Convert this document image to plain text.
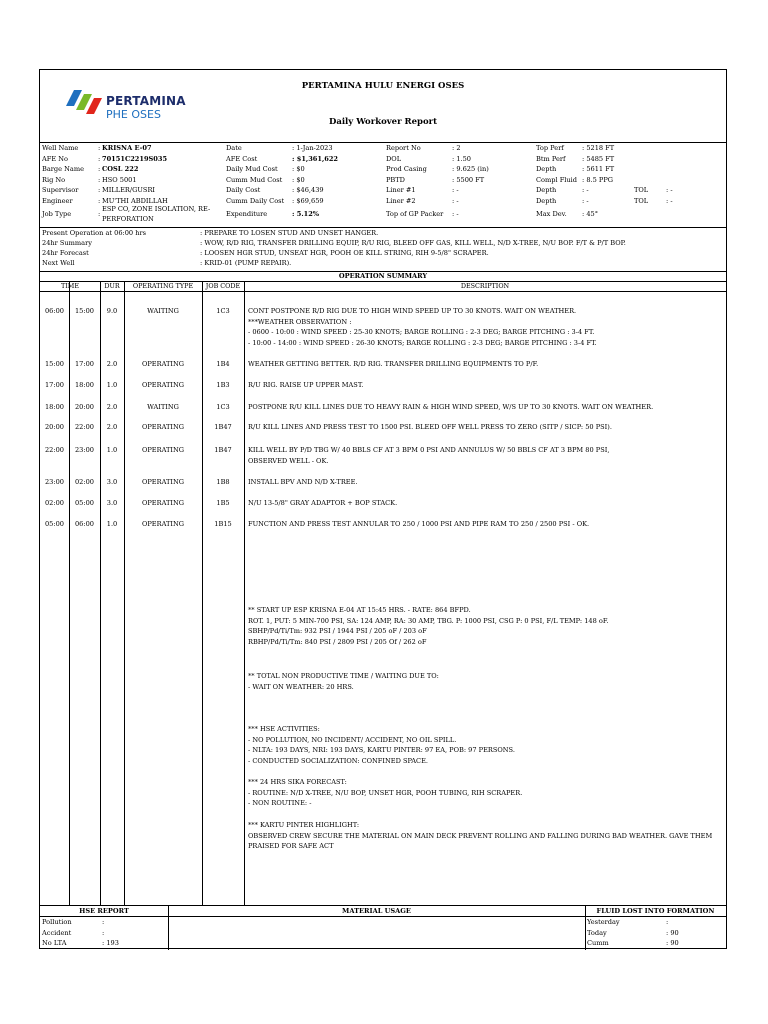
PERTAMINA
PHE OSES
PERTAMINA HULU ENERGI OSES
Daily Workover Report
Well Name	: KRISNA E-07
AFE No	: 70151C2219S035
Barge Name : COSL 222
Rig No	: HSO 5001
Supervisor	: MILLER/GUSRI
Engineer	: MU'THI ABDILLAH
Job Type	:
ESP CO, ZONE ISOLATION, RE-
PERFORATION
Date	: 1-Jan-2023
AFE Cost	: $1,361,622
Daily Mud Cost : $0
Cumm Mud Cost : $0
Daily Cost	: $46,439
Cumm Daily Cost : $69,659
Expenditure	: 5.12%
Report No	: 2
DOL	: 1.50
Prod Casing	: 9.625 (in)
PBTD	: 5500 FT
Liner #1	: -
Liner #2	: -
Top of GP Packer : -
Top Perf	: 5218 FT
Btm Perf	: 5485 FT
Depth	: 5611 FT
Compl Fluid : 8.5 PPG
Depth	: -
Depth	: -
Max Dev. : 45°
TOL	: -
TOL	: -
Present Operation at 06:00 hrs	: PREPARE TO LOSEN STUD AND UNSET HANGER.
24hr Summary	: WOW, R/D RIG, TRANSFER DRILLING EQUIP, R/U RIG, BLEED OFF GAS, KILL WELL, N/D X-TREE, N/U BOP. F/T & P/T BOP.
24hr Forecast	: LOOSEN HGR STUD, UNSEAT HGR, POOH OE KILL STRING, RIH 9-5/8" SCRAPER.
Next Well	: KRID-01 (PUMP REPAIR).
OPERATION SUMMARY
TIME	DUR	OPERATING TYPE	JOB CODE	DESCRIPTION
06:00	15:00	9.0	WAITING	1C3	CONT POSTPONE R/D RIG DUE TO HIGH WIND SPEED UP TO 30 KNOTS. WAIT ON WEATHER.
***WEATHER OBSERVATION :
- 0600 - 10:00 : WIND SPEED : 25-30 KNOTS; BARGE ROLLING : 2-3 DEG; BARGE PITCHING : 3-4 FT.
- 10:00 - 14:00 : WIND SPEED : 26-30 KNOTS; BARGE ROLLING : 2-3 DEG; BARGE PITCHING : 3-4 FT.
15:00	17:00	2.0	OPERATING	1B4	WEATHER GETTING BETTER. R/D RIG. TRANSFER DRILLING EQUIPMENTS TO P/F.
17:00	18:00	1.0	OPERATING	1B3	R/U RIG. RAISE UP UPPER MAST.
18:00	20:00	2.0	WAITING	1C3	POSTPONE R/U KILL LINES DUE TO HEAVY RAIN & HIGH WIND SPEED, W/S UP TO 30 KNOTS. WAIT ON WEATHER.
20:00	22:00	2.0	OPERATING	1B47	R/U KILL LINES AND PRESS TEST TO 1500 PSI. BLEED OFF WELL PRESS TO ZERO (SITP / SICP: 50 PSI).
22:00	23:00	1.0	OPERATING	1B47	KILL WELL BY P/D TBG W/ 40 BBLS CF AT 3 BPM 0 PSI AND ANNULUS W/ 50 BBLS CF AT 3 BPM 80 PSI,
OBSERVED WELL - OK.
23:00	02:00	3.0	OPERATING	1B8	INSTALL BPV AND N/D X-TREE.
02:00	05:00	3.0	OPERATING	1B5	N/U 13-5/8" GRAY ADAPTOR + BOP STACK.
05:00	06:00	1.0	OPERATING	1B15	FUNCTION AND PRESS TEST ANNULAR TO 250 / 1000 PSI AND PIPE RAM TO 250 / 2500 PSI - OK.
** START UP ESP KRISNA E-04 AT 15:45 HRS. - RATE: 864 BFPD.
ROT. 1, PUT: 5 MIN-700 PSI, SA: 124 AMP, RA: 30 AMP, TBG. P: 1000 PSI, CSG P: 0 PSI, F/L TEMP: 148 oF.
SBHP/Pd/Ti/Tm: 932 PSI / 1944 PSI / 205 oF / 203 oF
RBHP/Pd/Ti/Tm: 840 PSI / 2809 PSI / 205 Of / 262 oF
** TOTAL NON PRODUCTIVE TIME / WAITING DUE TO:
- WAIT ON WEATHER: 20 HRS.
*** HSE ACTIVITIES:
- NO POLLUTION, NO INCIDENT/ ACCIDENT, NO OIL SPILL.
- NLTA: 193 DAYS, NRI: 193 DAYS, KARTU PINTER: 97 EA, POB: 97 PERSONS.
- CONDUCTED SOCIALIZATION: CONFINED SPACE.
*** 24 HRS SIKA FORECAST:
- ROUTINE: N/D X-TREE, N/U BOP, UNSET HGR, POOH TUBING, RIH SCRAPER.
- NON ROUTINE: -
*** KARTU PINTER HIGHLIGHT:
OBSERVED CREW SECURE THE MATERIAL ON MAIN DECK PREVENT ROLLING AND FALLING DURING BAD WEATHER. GAVE THEM
PRAISED FOR SAFE ACT
HSE REPORT	MATERIAL USAGE	FLUID LOST INTO FORMATION
Pollution	:
Accident	:
No LTA	: 193
Yesterday	:
Today	: 90
Cumm	: 90
